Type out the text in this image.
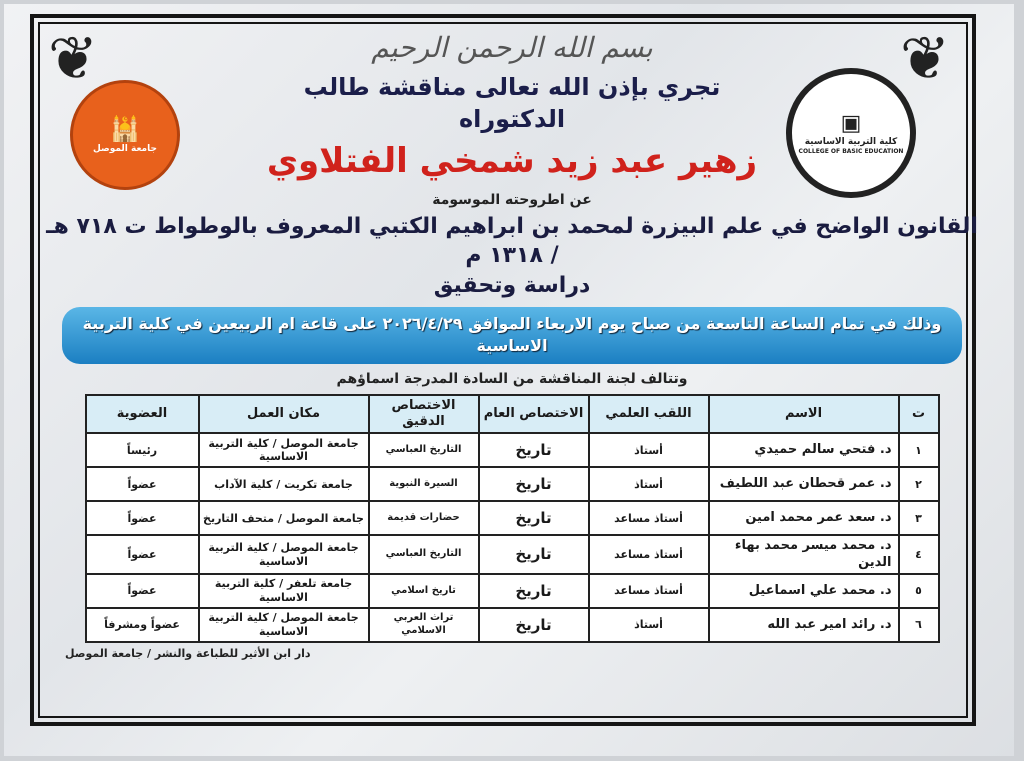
❦	❦
🕌
جامعة الموصل
▣
كلية التربية الاساسية
COLLEGE OF BASIC EDUCATION
بسم الله الرحمن الرحيم
تجري بإذن الله تعالى مناقشة طالب الدكتوراه
زهير عبد زيد شمخي الفتلاوي
عن اطروحته الموسومة
القانون الواضح في علم البيزرة لمحمد بن ابراهيم الكتبي المعروف بالوطواط ت ٧١٨ هـ / ١٣١٨ م
دراسة وتحقيق
وذلك في تمام الساعة التاسعة من صباح يوم الاربعاء الموافق ٢٠٢٦/٤/٢٩ على قاعة ام الربيعين في كلية التربية الاساسية
وتتالف لجنة المناقشة من السادة المدرجة اسماؤهم
ت	الاسم	اللقب العلمي	الاختصاص العام	الاختصاص الدقيق	مكان العمل	العضوية
١	د. فتحي سالم حميدي	أستاذ	تاريخ	التاريخ العباسي	جامعة الموصل / كلية التربية الاساسية	رئيساً
٢	د. عمر قحطان عبد اللطيف	أستاذ	تاريخ	السيرة النبوية	جامعة تكريت / كلية الآداب	عضواً
٣	د. سعد عمر محمد امين	أستاذ مساعد	تاريخ	حضارات قديمة	جامعة الموصل / متحف التاريخ	عضواً
٤	د. محمد ميسر محمد بهاء الدين	أستاذ مساعد	تاريخ	التاريخ العباسي	جامعة الموصل / كلية التربية الاساسية	عضواً
٥	د. محمد علي اسماعيل	أستاذ مساعد	تاريخ	تاريخ اسلامي	جامعة تلعفر / كلية التربية الاساسية	عضواً
٦	د. رائد امير عبد الله	أستاذ	تاريخ	تراث العربي الاسلامي	جامعة الموصل / كلية التربية الاساسية	عضواً ومشرفاً
دار ابن الأثير للطباعة والنشر / جامعة الموصل
